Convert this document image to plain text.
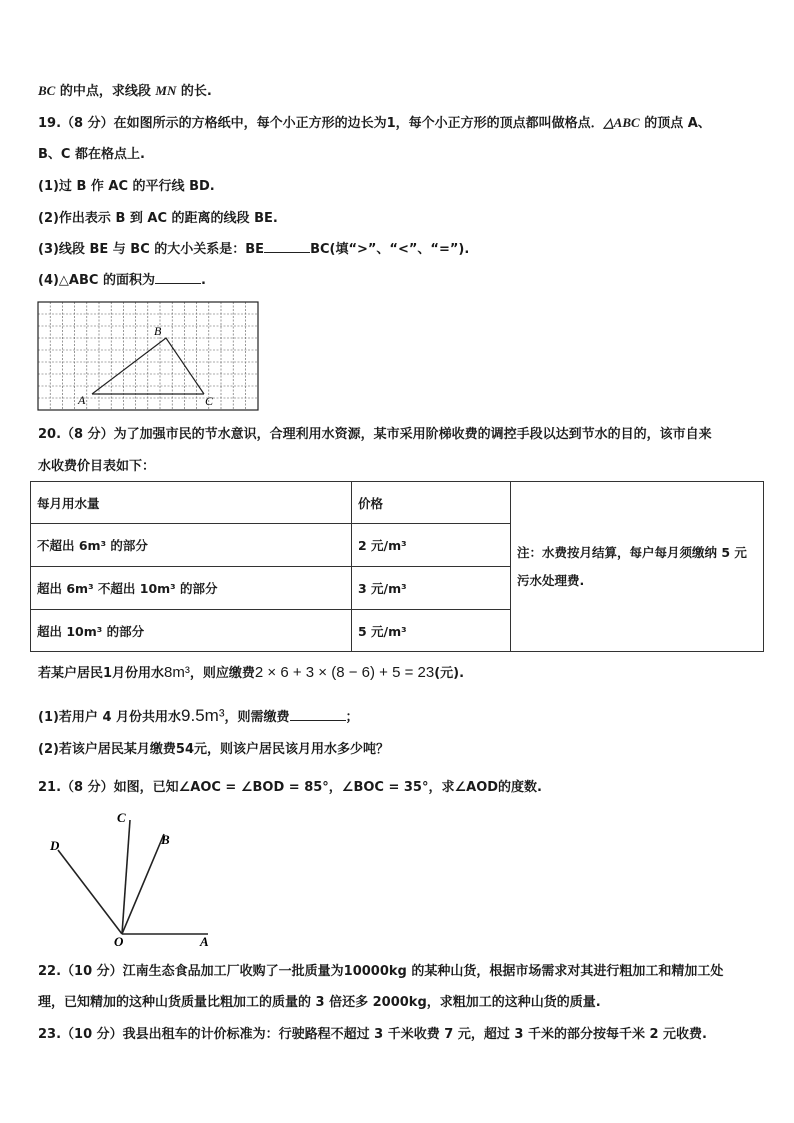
BC 的中点，求线段 MN 的长.
19.（8 分）在如图所示的方格纸中，每个小正方形的边长为1，每个小正方形的顶点都叫做格点．△ABC 的顶点 A、
B、C 都在格点上.
(1)过 B 作 AC 的平行线 BD.
(2)作出表示 B 到 AC 的距离的线段 BE.
(3)线段 BE 与 BC 的大小关系是：BE	BC(填“>”、“<”、“=”).
(4)△ABC 的面积为	.
A
B
C
20.（8 分）为了加强市民的节水意识，合理利用水资源，某市采用阶梯收费的调控手段以达到节水的目的，该市自来
水收费价目表如下：
每月用水量	价格	注：水费按月结算，每户每月须缴纳 5 元污水处理费.
不超出 6m³ 的部分	2 元/m³	
超出 6m³ 不超出 10m³ 的部分	3 元/m³	
超出 10m³ 的部分	5 元/m³	
若某户居民1月份用水8m³，则应缴费2 × 6 + 3 × (8 − 6) + 5 = 23(元).
(1)若用户 4 月份共用水9.5m³，则需缴费	；
(2)若该户居民某月缴费54元，则该户居民该月用水多少吨？
21.（8 分）如图，已知∠AOC = ∠BOD = 85°，∠BOC = 35°，求∠AOD的度数.
A
B
C
D
O
22.（10 分）江南生态食品加工厂收购了一批质量为10000kg 的某种山货，根据市场需求对其进行粗加工和精加工处
理，已知精加的这种山货质量比粗加工的质量的 3 倍还多 2000kg，求粗加工的这种山货的质量.
23.（10 分）我县出租车的计价标准为：行驶路程不超过 3 千米收费 7 元，超过 3 千米的部分按每千米 2 元收费.
